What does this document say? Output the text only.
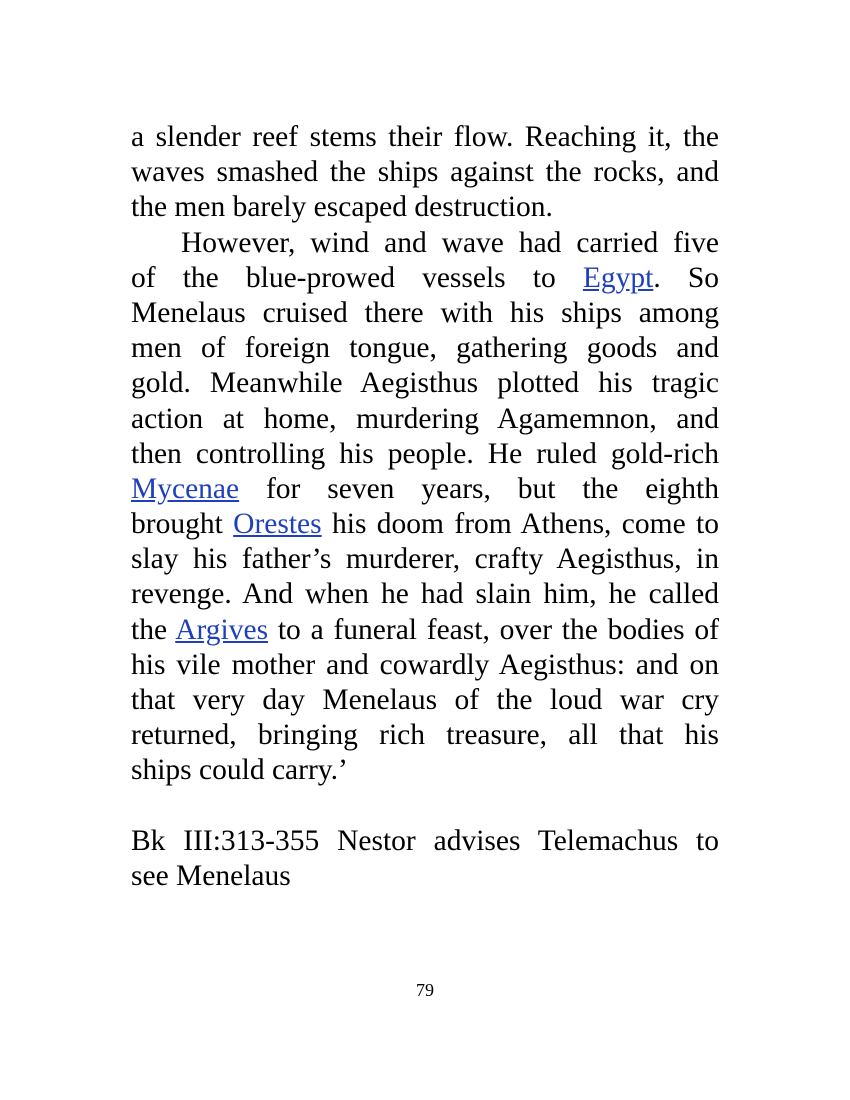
a slender reef stems their flow. Reaching it, the
waves smashed the ships against the rocks, and
the men barely escaped destruction.
However, wind and wave had carried five
of the blue-prowed vessels to Egypt. So
Menelaus cruised there with his ships among
men of foreign tongue, gathering goods and
gold. Meanwhile Aegisthus plotted his tragic
action at home, murdering Agamemnon, and
then controlling his people. He ruled gold-rich
Mycenae for seven years, but the eighth
brought Orestes his doom from Athens, come to
slay his father’s murderer, crafty Aegisthus, in
revenge. And when he had slain him, he called
the Argives to a funeral feast, over the bodies of
his vile mother and cowardly Aegisthus: and on
that very day Menelaus of the loud war cry
returned, bringing rich treasure, all that his
ships could carry.’
Bk III:313-355 Nestor advises Telemachus to
see Menelaus
79
